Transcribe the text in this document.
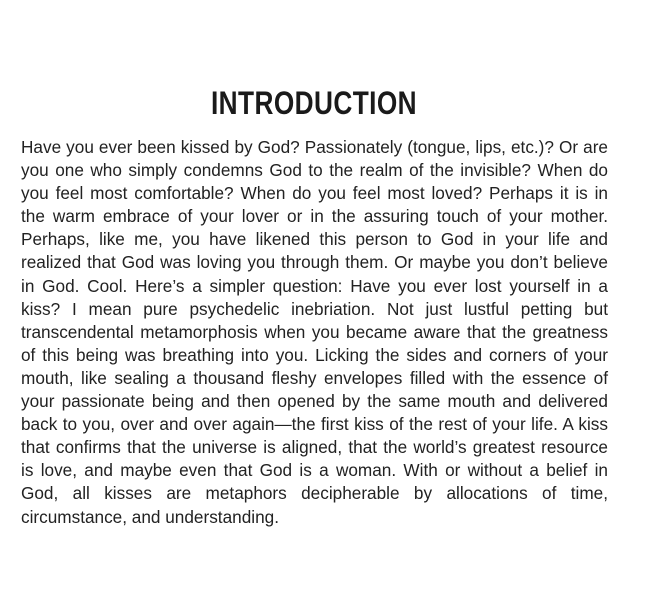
INTRODUCTION

Have you ever been kissed by God? Passionately (tongue, lips, etc.)? Or are you one who simply condemns God to the realm of the invisible? When do you feel most comfortable? When do you feel most loved? Perhaps it is in the warm embrace of your lover or in the assuring touch of your mother. Perhaps, like me, you have likened this person to God in your life and realized that God was loving you through them. Or maybe you don’t believe in God. Cool. Here’s a simpler question: Have you ever lost yourself in a kiss? I mean pure psychedelic inebriation. Not just lustful petting but transcendental metamorphosis when you became aware that the greatness of this being was breathing into you. Licking the sides and corners of your mouth, like sealing a thousand fleshy envelopes filled with the essence of your passionate being and then opened by the same mouth and delivered back to you, over and over again—the first kiss of the rest of your life. A kiss that confirms that the universe is aligned, that the world’s greatest resource is love, and maybe even that God is a woman. With or without a belief in God, all kisses are metaphors decipherable by allocations of time, circumstance, and understanding.
